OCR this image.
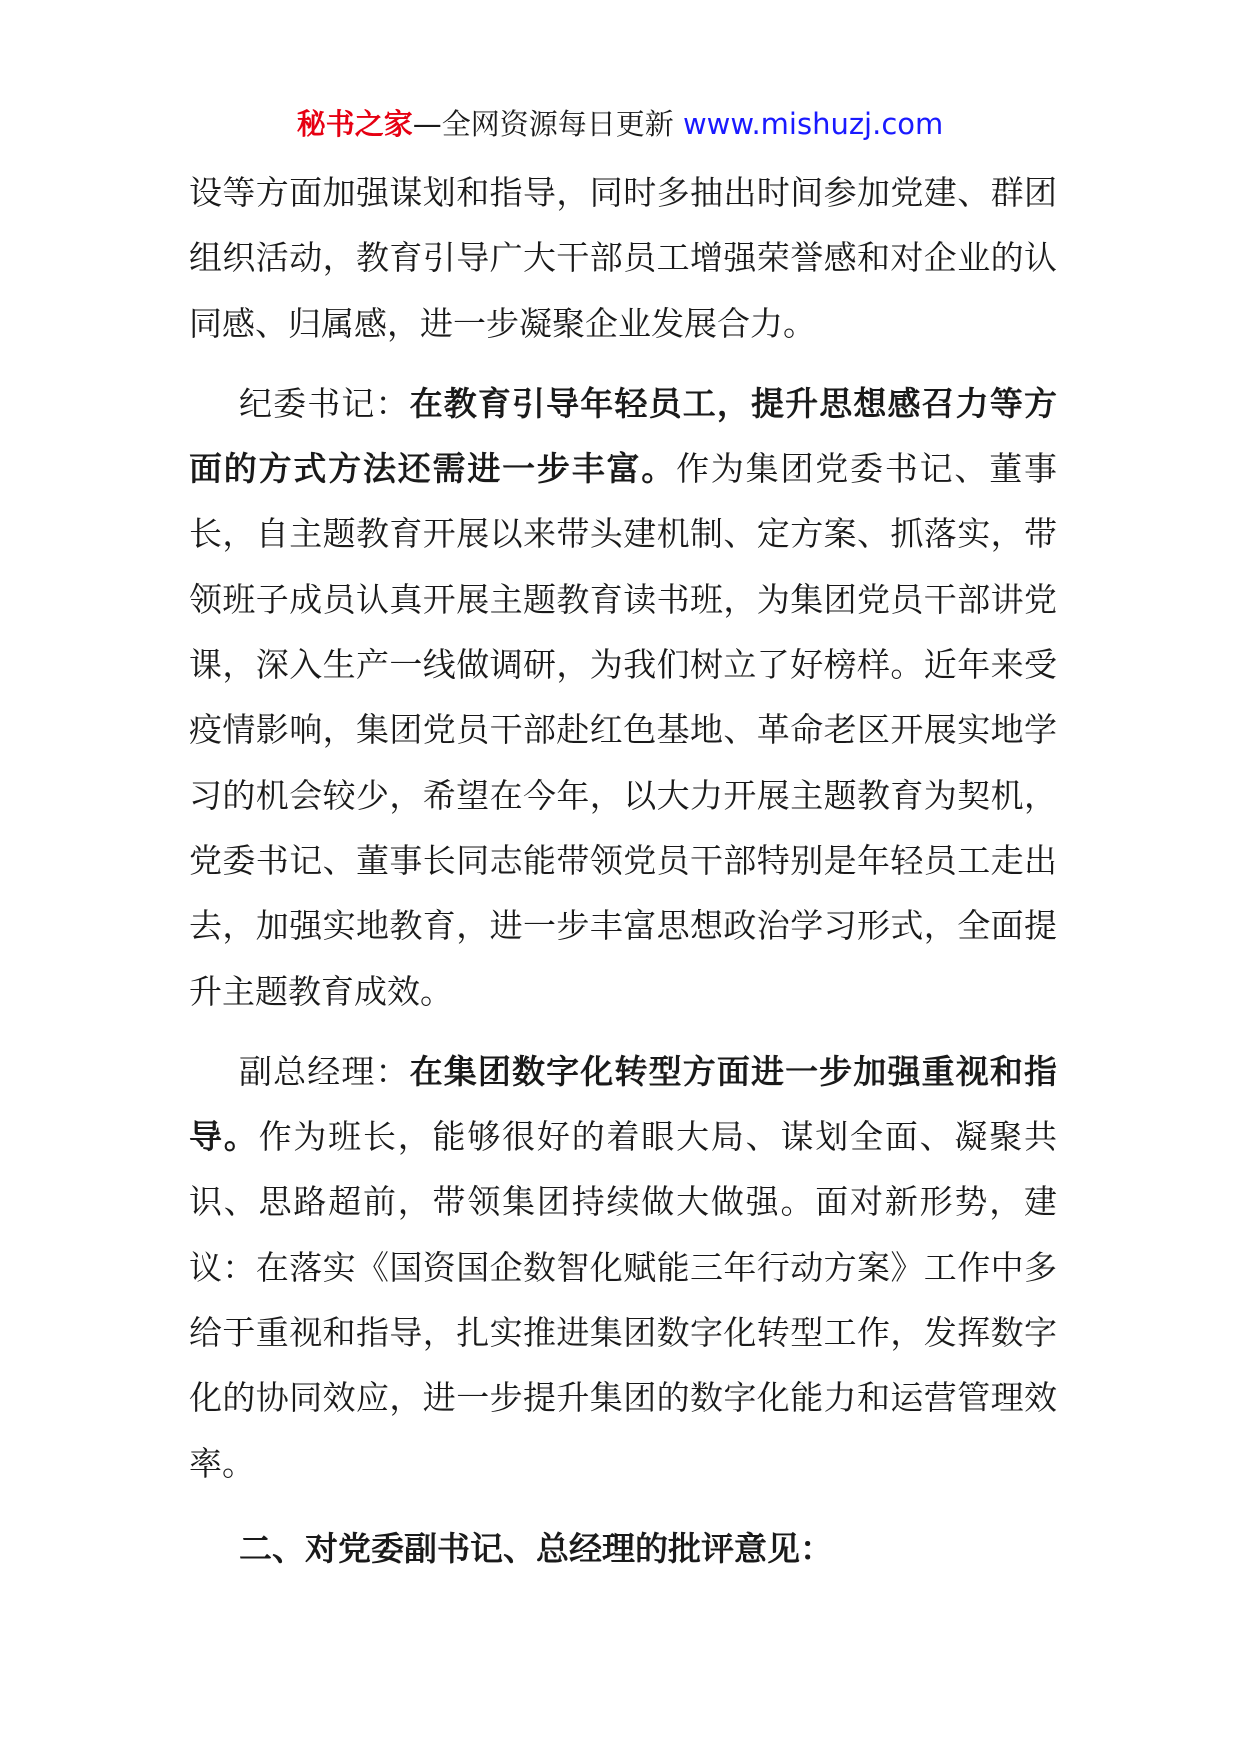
秘书之家—全网资源每日更新 www.mishuzj.com

设等方面加强谋划和指导，同时多抽出时间参加党建、群团组织活动，教育引导广大干部员工增强荣誉感和对企业的认同感、归属感，进一步凝聚企业发展合力。

纪委书记：在教育引导年轻员工，提升思想感召力等方面的方式方法还需进一步丰富。作为集团党委书记、董事长，自主题教育开展以来带头建机制、定方案、抓落实，带领班子成员认真开展主题教育读书班，为集团党员干部讲党课，深入生产一线做调研，为我们树立了好榜样。近年来受疫情影响，集团党员干部赴红色基地、革命老区开展实地学习的机会较少，希望在今年，以大力开展主题教育为契机，党委书记、董事长同志能带领党员干部特别是年轻员工走出去，加强实地教育，进一步丰富思想政治学习形式，全面提升主题教育成效。

副总经理：在集团数字化转型方面进一步加强重视和指导。作为班长，能够很好的着眼大局、谋划全面、凝聚共识、思路超前，带领集团持续做大做强。面对新形势，建议：在落实《国资国企数智化赋能三年行动方案》工作中多给于重视和指导，扎实推进集团数字化转型工作，发挥数字化的协同效应，进一步提升集团的数字化能力和运营管理效率。

二、对党委副书记、总经理的批评意见：
